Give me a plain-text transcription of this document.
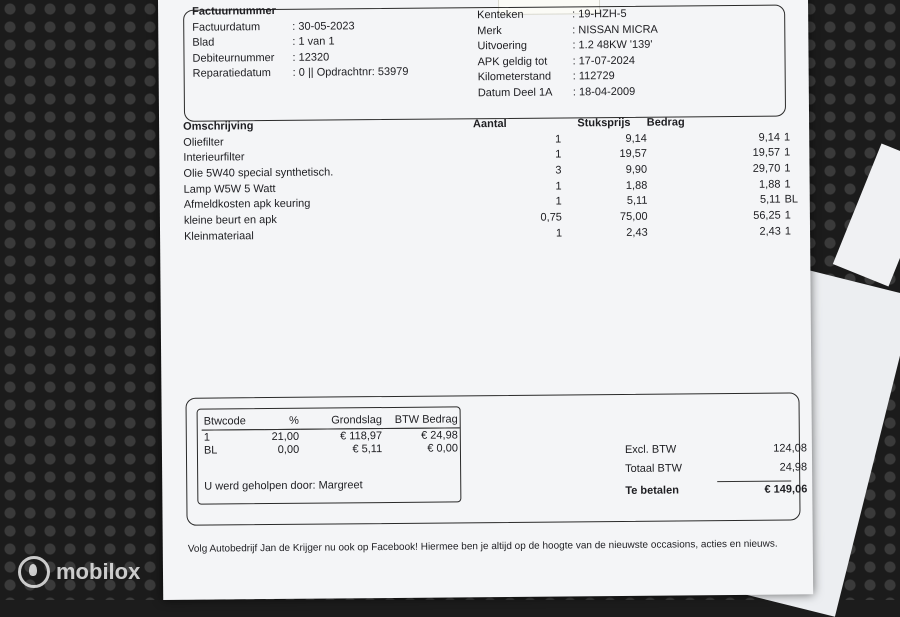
Factuurnummer
Factuurdatum	: 30-05-2023
Blad	: 1 van 1
Debiteurnummer : 12320
Reparatiedatum : 0 || Opdrachtnr: 53979
Kenteken	: 19-HZH-5
Merk	: NISSAN MICRA
Uitvoering	: 1.2 48KW '139'
APK geldig tot : 17-07-2024
Kilometerstand : 112729
Datum Deel 1A : 18-04-2009
Omschrijving	Aantal	Stuksprijs	Bedrag	
Oliefilter	1	9,14	9,14	1
Interieurfilter	1	19,57	19,57	1
Olie 5W40 special synthetisch.	3	9,90	29,70	1
Lamp W5W 5 Watt	1	1,88	1,88	1
Afmeldkosten apk keuring	1	5,11	5,11	BL
kleine beurt en apk	0,75	75,00	56,25	1
Kleinmateriaal	1	2,43	2,43	1
Btwcode	%	Grondslag	BTW Bedrag
1	21,00	€ 118,97	€ 24,98
BL	0,00	€ 5,11	€ 0,00
U werd geholpen door: Margreet
Excl. BTW	124,08
Totaal BTW	24,98
Te betalen	€ 149,06
Volg Autobedrijf Jan de Krijger nu ook op Facebook! Hiermee ben je altijd op de hoogte van de nieuwste occasions, acties en nieuws.
mobilox
